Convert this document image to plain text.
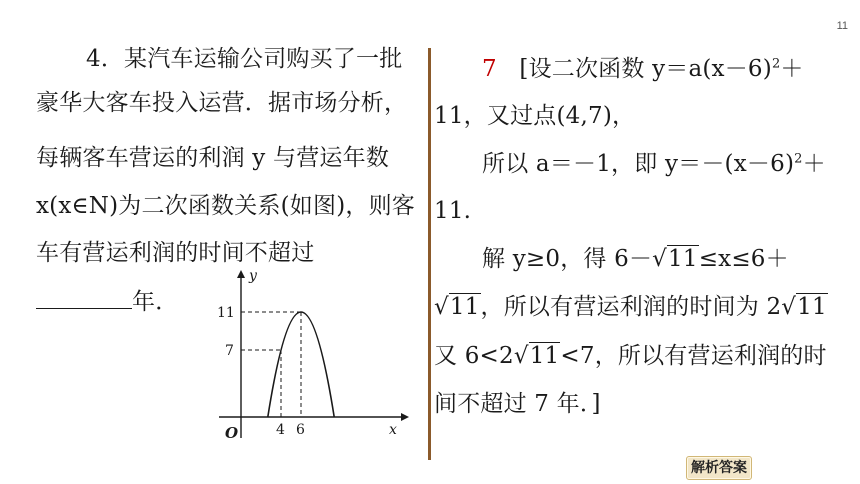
11
4．某汽车运输公司购买了一批
豪华大客车投入运营．据市场分析，
每辆客车营运的利润 y 与营运年数
x(x∈N)为二次函数关系(如图)，则客
车有营运利润的时间不超过
年．
y
x
O
11
7
4 6
7 [设二次函数 $y=a(x-6)^2+$
11，又过点(4,7)，
所以 a＝－1，即 $y=-(x-6)^2+$
11.
解 y≥0，得 6－√11≤x≤6＋
√11，所以有营运利润的时间为 2√11
又 6<2√11<7，所以有营运利润的时
间不超过 7 年．]
解析答案
